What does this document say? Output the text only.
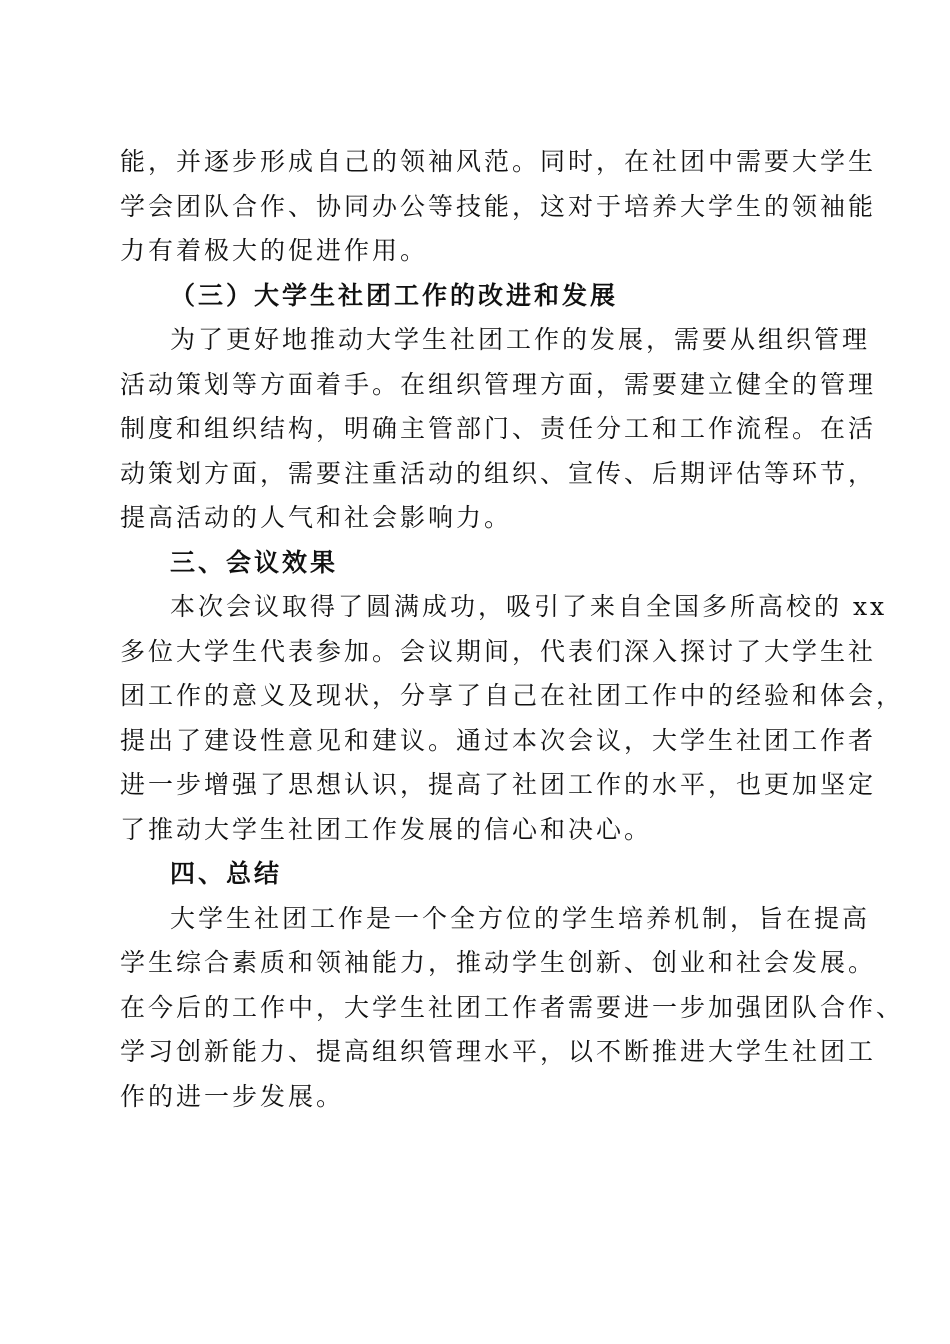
能，并逐步形成自己的领袖风范。同时，在社团中需要大学生
学会团队合作、协同办公等技能，这对于培养大学生的领袖能
力有着极大的促进作用。
（三）大学生社团工作的改进和发展
为了更好地推动大学生社团工作的发展，需要从组织管理
活动策划等方面着手。在组织管理方面，需要建立健全的管理
制度和组织结构，明确主管部门、责任分工和工作流程。在活
动策划方面，需要注重活动的组织、宣传、后期评估等环节，
提高活动的人气和社会影响力。
三、会议效果
本次会议取得了圆满成功，吸引了来自全国多所高校的 xx
多位大学生代表参加。会议期间，代表们深入探讨了大学生社
团工作的意义及现状，分享了自己在社团工作中的经验和体会，
提出了建设性意见和建议。通过本次会议，大学生社团工作者
进一步增强了思想认识，提高了社团工作的水平，也更加坚定
了推动大学生社团工作发展的信心和决心。
四、总结
大学生社团工作是一个全方位的学生培养机制，旨在提高
学生综合素质和领袖能力，推动学生创新、创业和社会发展。
在今后的工作中，大学生社团工作者需要进一步加强团队合作、
学习创新能力、提高组织管理水平，以不断推进大学生社团工
作的进一步发展。
